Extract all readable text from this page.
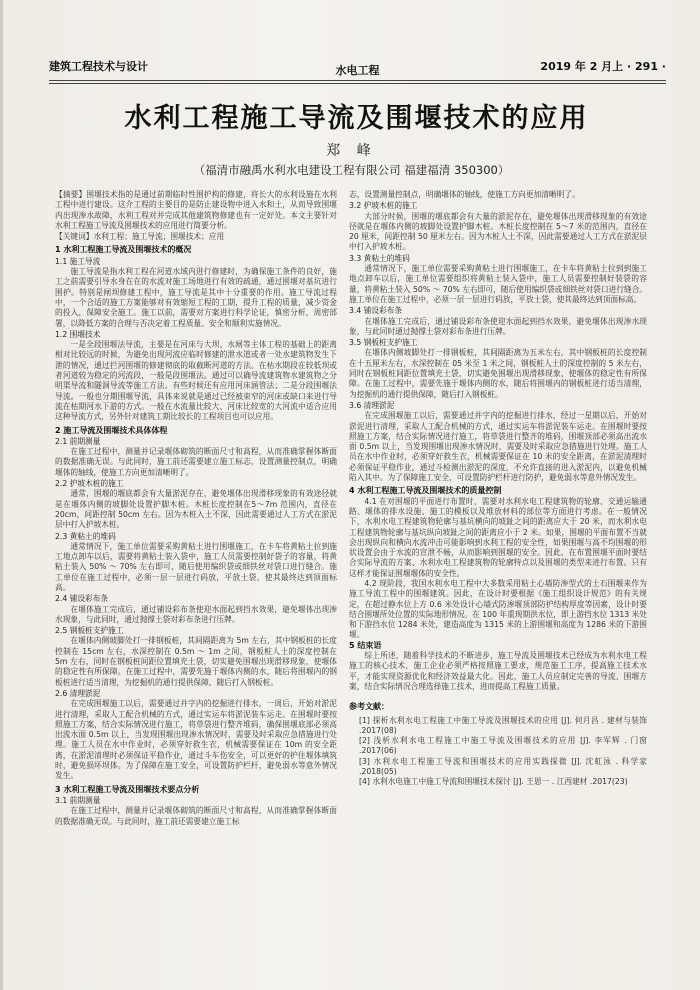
建筑工程技术与设计	水电工程	2019 年 2 月上 · 291 ·
水利工程施工导流及围堰技术的应用
郑 峰
（福清市融禹水利水电建设工程有限公司 福建福清 350300）

【摘要】围堰技术指的是通过前期临时性围护构的修建，将长大的水利设施在水利工程中进行建设。这介工程的主要目的是防止建设物中进入水和土，从而导致围堰内出现渗水故障，水利工程对并完成其他建筑物修建也有一定好处。本文主要针对水利工程施工导流及围堰技术的应用进行简要分析。

【关键词】水利工程；施工导流；围堰技术；应用

1 水利工程施工导流及围堰技术的概况

1.1 施工导流

施工导流是指水利工程在河道水域内进行修建时，为确保施工条件的良好，施工之前需要引导水身在在的水流对施工场地进行有效的疏通，通过围堰对基坑进行围护。特别是闸坝修建工程中，施工导流是其中十分重要的作用。施工导流过程中，一个合适的施工方案能够对有效缩短工程的工期，提升工程的质量，减少资金的投入，保障安全施工。施工以前，需要对方案进行科学论证，慎密分析，周密部署，以降低方案的合理与否决定着工程质量、安全和顺利实施情况。

1.2 围堰技术

一是全段围堰法导流，主要是在河床与大坝、水闸等主体工程的基础上的距离相对比较远的时候，为避免出现河流应临时修建的泄水道或者一处水建筑物发生下泄的情况，通过拦河围堰的修建彻底的取截断河道的方法。在枯水期段在较低坝或者河道较为稳定的河流段，一般是段围堰法。通过可以确导流建筑物水建筑物之分明渠导流和隧洞导流等施工方法。有些时候还有应用河床涵管法；二是分段围堰法导流。一般也分期围堰导流，具体来说就是通过已经被束窄的河床或缺口来进行导流在枯期河水下游的方式。一般在水流量比较大、河床比较宽的大河流中适合应用这种导流方式，另外针对建筑工期比较长的工程项目也可以应用。

2 施工导流及围堰技术具体体程

2.1 前期测量

在施工过程中，测量并记录堰体砌筑的断面尺寸和高程，从而准确掌握体断面的数据准确无误。与此同时，施工前还需要建立施工标志，设置测量控制点，明确堰体的轴线，使施工方向更加清晰明了。

2.2 护坡木桩的施工

通常，围堰的堰底都会有大量淤泥存在，避免堰体出现滑移现象的有效途径就是在堰体内侧的坡脚处设置护脚木桩。木桩长度控制在5～7m 范围内，直径在 20cm，间距控制 50cm 左右。因为木桩入土不深，因此需要通过人工方式在淤泥层中打入护坡木桩。

2.3 黄粘土的堆码

通常情况下，施工单位需要采购黄粘土进行围堰施工，在卡车将黄粘土拉到施工地点卸车以后，需要将黄粘土装入袋中，施工人员需要控制好袋子的容量，将黄粘土装入 50% ～ 70% 左右即可，随后使用编织袋或细铁丝对袋口进行缝合。施工单位在施工过程中，必须一层一层进行码放，平放土袋，使其最终达到顶面标高。

2.4 铺设彩布条

在堰体施工完成后，通过铺设彩布条使迎水面起到挡水效果，避免堰体出现渗水现象，与此同时，通过抛撑土袋对彩布条进行压牌。

2.5 钢板桩支护施工

在堰体内侧坡脚处打一排钢板桩，其间隔距离为 5m 左右，其中钢板桩的长度控制在 15cm 左右，水深控制在 0.5m ～ 1m 之间，钢板桩人土的深度控制在 5m 左右，同时在钢板桩间距位置填充土袋，切实避免围堰出现滑移现象，使堰体的稳定性有所保障。在施工过程中，需要先施于堰体内侧的水，随后将围堰内的钢板桩进行适当清理，为挖掘机的通行提供保障，随后打入钢板桩。

2.6 清理淤泥

在完成围堰施工以后，需要通过并字内的挖掘进行排水，一周后，开始对淤泥进行清理，采取人工配合机械的方式，通过实运车将淤泥装车运走。在围堰时要按照施工方案，结合实际情况进行施工，将草袋进行整齐堆码，确保围堰底部必须高出流水面 0.5m 以上，当发现围堰出现渗水情况时，需要及时采取应急措施进行处理。施工人员在水中作业时，必须穿好救生衣，机械需要保证在 10m 的安全距离，在淤泥清理时必须保证平稳作业，通过斗车伤安全，可以更好的护住堰体填筑时，避免损坏坝体。为了保障在施工安全，可设置防护栏杆，避免弱水等意外情况发生。

3 水利工程施工导流及围堰技术要点分析

3.1 前期测量

在施工过程中，测量并记录堰体砌筑的断面尺寸和高程，从而准确掌握体断面的数据准确无误。与此同时，施工前还需要建立施工标

志，设置测量控制点，明确堰体的轴线，使施工方向更加清晰明了。

3.2 护坡木桩的施工

大部分时候，围堰的堰底都会有大量的淤泥存在，避免堰体出现滑移现象的有效途径就是在堰体内侧的坡脚处设置护脚木桩。木桩长度控制在 5～7 米的范围内，直径在 20 厘米，间距控制 50 厘米左右。因为木桩人土不深，因此需要通过人工方式在淤泥层中打入护坡木桩。

3.3 黄粘土的堆码

通常情况下，施工单位需要采购黄粘土进行围堰施工，在卡车将黄粘土拉到到施工地点卸车以后，施工单位需要组织将黄粘土装入袋中，施工人员需要控制好装袋的容量，将黄粘土装入 50% ～ 70% 左右即可，随后使用编织袋或细铁丝对袋口进行缝合。施工单位在施工过程中，必须一层一层进行码放，平放土袋，使其最终达到顶面标高。

3.4 铺设彩布条

在堰体施工完成后，通过铺设彩布条使迎水面起到挡水效果，避免堰体出现渗水现象，与此同时通过抛撑土袋对彩布条进行压牌。

3.5 钢板桩支护施工

在堰体内侧坡脚处打一排钢板桩，其间隔距离为五米左右，其中钢板桩的长度控制在十五厘米左右，水深控制在 05 米至 1 米之间，钢板桩人土的深度控制的 5 米左右，同时在钢板桩间距位置填充土袋，切实避免围堰出现滑移现象，使堰体的稳定性有所保障。在施工过程中，需要先施于堰体内侧的水，随后将围堰内的钢板桩进行适当清理，为挖掘机的通行提供保障，随后打入钢板桩。

3.6 清理淤泥

在完成围堰施工以后，需要通过并字内的挖掘进行排水，经过一星期以后，开始对淤泥进行清理，采取人工配合机械的方式，通过实运车将淤泥装车运走。在围堰时要按照施工方案，结合实际情况进行施工，将草袋进行整齐的堆码，围堰顶部必须高出流水面 0.5m 以上，当发现围堰出现渗水情况时，需要及时采取应急措施进行处理。施工人员在水中作业时，必须穿好救生衣，机械需要保证在 10 米的安全距离，在淤泥清理时必须保证平稳作业，通过斗检测出淤泥的深度，不允许直接的进入淤泥内，以避免机械陷入其中。为了保障施工安全，可设置防护栏杆进行防护，避免弱水等意外情况发生。

4 水利工程施工导流及围堰技术的质量控制

4.1 在对围堰的平面进行布置时，需要对水利水电工程建筑物的轮廓、交通运输通路、堰体的排水设施、施工的模板以及堆放材料的部位等方面进行考虑。在一般情况下，水利水电工程建筑物轮廓与基坑横向的坡趾之间的距离应大于 20 米，而水利水电工程建筑物轮廓与基坑纵向坡趾之间的距离应小于 2 米。如果，围堰的平面布置不当就会出现纵向和横向水流冲击可能影响到水利工程的安全性，如果围堰与高不均围堰的形状设置会由于水流的宣泄不畅，从而影响到围堰的安全。因此，在布置围堰平面时要结合实际导流的方案、水利水电工程建筑物的轮廓特点以及围堰的类型来进行布置。只有这样才能保证围堰堰体的安全性。

4.2 现阶段，我国水利水电工程中大多数采用粘土心墙防渗型式的土石围堰来作为施工导流工程中的围堰建筑。因此，在设计时要根据《施工组织设计规范》的有关规定，在超过静水位上方 0.6 米处设计心墙式防渗堰顶部防护结构厚度等因素，设计时要结合围堰所处位置的实际地形情况。在 100 年重现期洪水位，即上游挡水位 1313 米处和下游挡水位 1284 米处，建造高度为 1315 米的上游围堰和高度为 1286 米的下游围堰。

5 结束语

综上所述，随着科学技术的不断进步，施工导流及围堰技术已经成为水利水电工程施工的核心技术，施工企业必须严格按照施工要求，规范施工工序，提高施工技术水平，才能实现资源优化和经济效益最大化。因此，施工人员应制定完善的导流、围堰方案，结合实际情况合理选择施工技术，进而提高工程施工质量。

参考文献：

[1] 探析水利水电工程施工中施工导流及围堰技术的应用 [J]. 何月昌 . 建材与装饰 .2017(08)

[2] 浅析水利水电工程施工中施工导流及围堰技术的应用 [J]. 李军辉 . 门窗 .2017(06)

[3] 水利水电工程施工导流和围堰技术的应用实践探微 [J]. 沈虹泳 . 科学家 .2018(05)

[4] 水利水电施工中施工导流和围堰技术探讨 [J]. 王恩一 . 江西建材 .2017(23)
